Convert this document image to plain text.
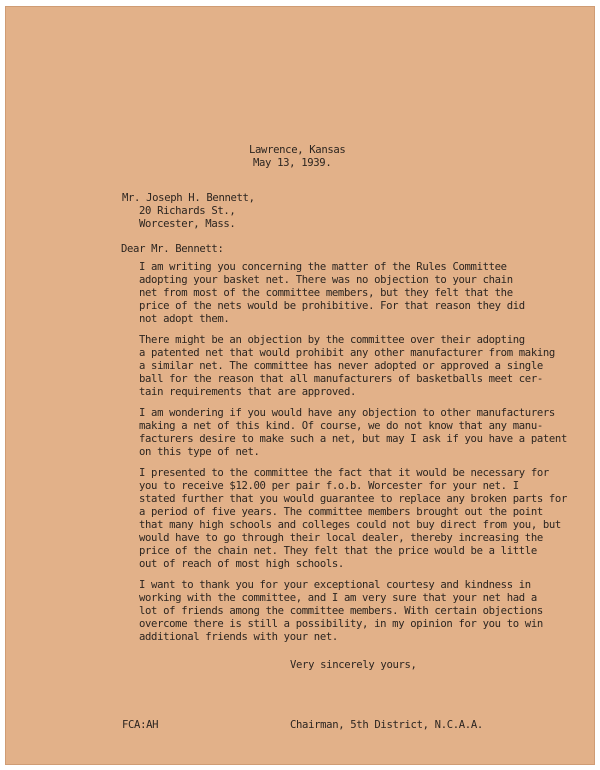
Lawrence, Kansas
May 13, 1939.
Mr. Joseph H. Bennett,
20 Richards St.,
Worcester, Mass.
Dear Mr. Bennett:
I am writing you concerning the matter of the Rules Committee
adopting your basket net. There was no objection to your chain
net from most of the committee members, but they felt that the
price of the nets would be prohibitive. For that reason they did
not adopt them.
There might be an objection by the committee over their adopting
a patented net that would prohibit any other manufacturer from making
a similar net. The committee has never adopted or approved a single
ball for the reason that all manufacturers of basketballs meet cer-
tain requirements that are approved.
I am wondering if you would have any objection to other manufacturers
making a net of this kind. Of course, we do not know that any manu-
facturers desire to make such a net, but may I ask if you have a patent
on this type of net.
I presented to the committee the fact that it would be necessary for
you to receive $12.00 per pair f.o.b. Worcester for your net. I
stated further that you would guarantee to replace any broken parts for
a period of five years. The committee members brought out the point
that many high schools and colleges could not buy direct from you, but
would have to go through their local dealer, thereby increasing the
price of the chain net. They felt that the price would be a little
out of reach of most high schools.
I want to thank you for your exceptional courtesy and kindness in
working with the committee, and I am very sure that your net had a
lot of friends among the committee members. With certain objections
overcome there is still a possibility, in my opinion for you to win
additional friends with your net.
Very sincerely yours,
FCA:AH	Chairman, 5th District, N.C.A.A.
